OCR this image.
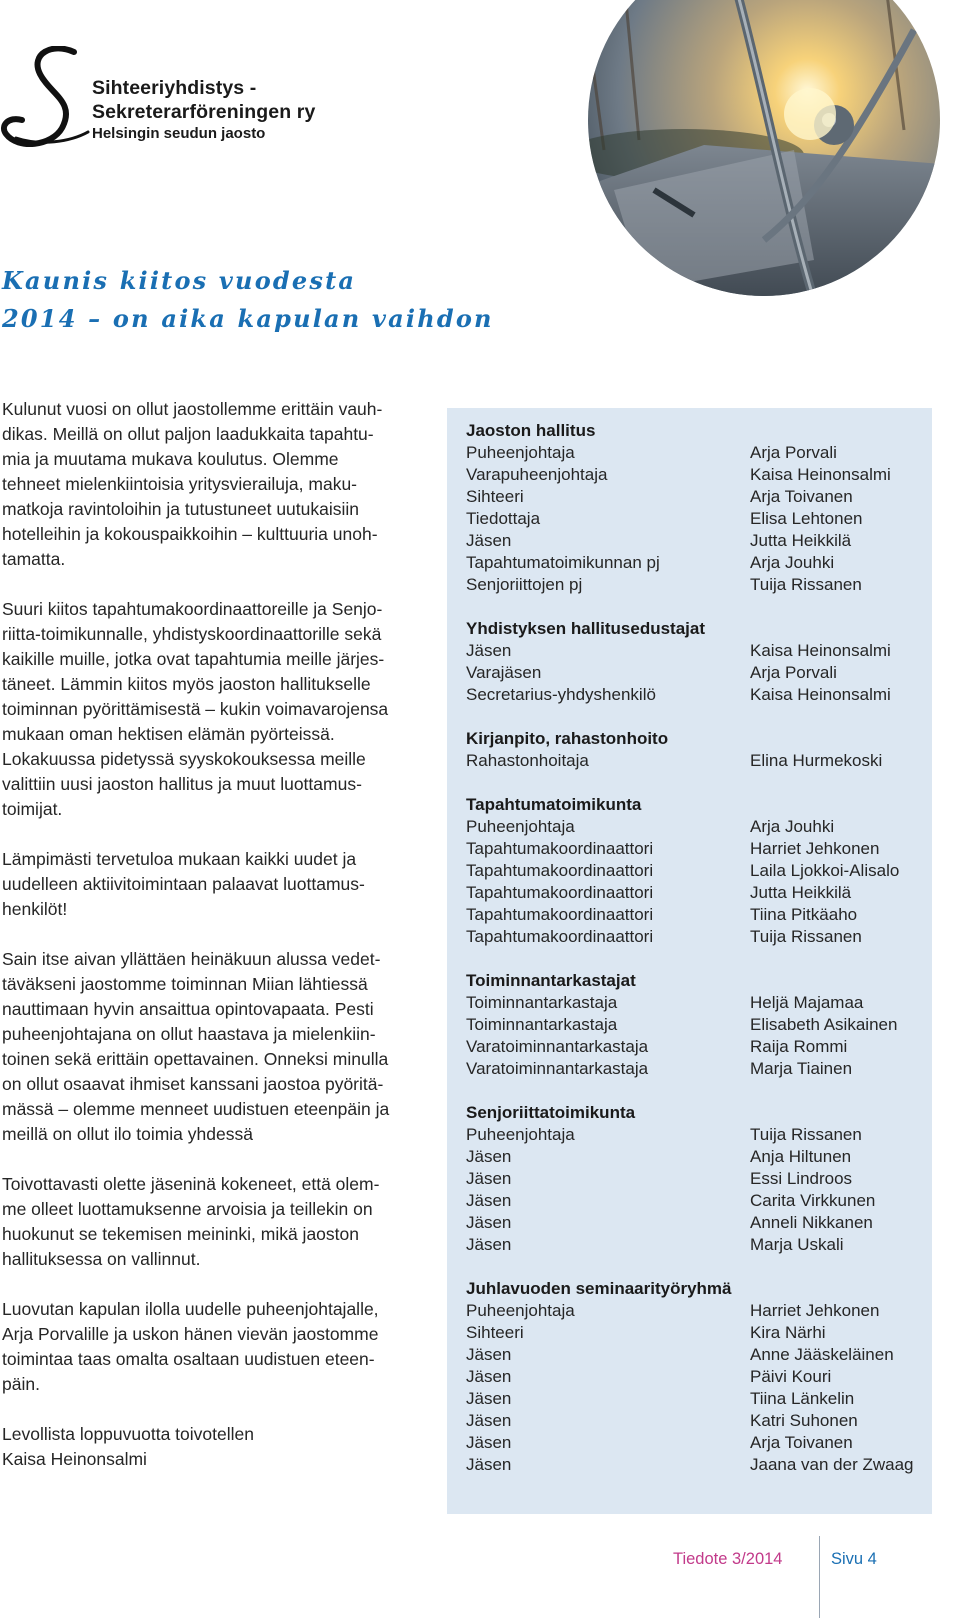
Sihteeriyhdistys -
Sekreterarföreningen ry
Helsingin seudun jaosto
Kaunis kiitos vuodesta
2014 – on aika kapulan vaihdon

Kulunut vuosi on ollut jaostollemme erittäin vauh-
dikas. Meillä on ollut paljon laadukkaita tapahtu-
mia ja muutama mukava koulutus. Olemme
tehneet mielenkiintoisia yritysvierailuja, maku-
matkoja ravintoloihin ja tutustuneet uutukaisiin
hotelleihin ja kokouspaikkoihin – kulttuuria unoh-
tamatta.

Suuri kiitos tapahtumakoordinaattoreille ja Senjo-
riitta-toimikunnalle, yhdistyskoordinaattorille sekä
kaikille muille, jotka ovat tapahtumia meille järjes-
täneet. Lämmin kiitos myös jaoston hallitukselle
toiminnan pyörittämisestä – kukin voimavarojensa
mukaan oman hektisen elämän pyörteissä.
Lokakuussa pidetyssä syyskokouksessa meille
valittiin uusi jaoston hallitus ja muut luottamus-
toimijat.

Lämpimästi tervetuloa mukaan kaikki uudet ja
uudelleen aktiivitoimintaan palaavat luottamus-
henkilöt!

Sain itse aivan yllättäen heinäkuun alussa vedet-
täväkseni jaostomme toiminnan Miian lähtiessä
nauttimaan hyvin ansaittua opintovapaata. Pesti
puheenjohtajana on ollut haastava ja mielenkiin-
toinen sekä erittäin opettavainen. Onneksi minulla
on ollut osaavat ihmiset kanssani jaostoa pyöritä-
mässä – olemme menneet uudistuen eteenpäin ja
meillä on ollut ilo toimia yhdessä

Toivottavasti olette jäseninä kokeneet, että olem-
me olleet luottamuksenne arvoisia ja teillekin on
huokunut se tekemisen meininki, mikä jaoston
hallituksessa on vallinnut.

Luovutan kapulan ilolla uudelle puheenjohtajalle,
Arja Porvalille ja uskon hänen vievän jaostomme
toimintaa taas omalta osaltaan uudistuen eteen-
päin.

Levollista loppuvuotta toivotellen
Kaisa Heinonsalmi

Jaoston hallitus
Puheenjohtaja	Arja Porvali
Varapuheenjohtaja	Kaisa Heinonsalmi
Sihteeri	Arja Toivanen
Tiedottaja	Elisa Lehtonen
Jäsen	Jutta Heikkilä
Tapahtumatoimikunnan pj	Arja Jouhki
Senjoriittojen pj	Tuija Rissanen
Yhdistyksen hallitusedustajat
Jäsen	Kaisa Heinonsalmi
Varajäsen	Arja Porvali
Secretarius-yhdyshenkilö	Kaisa Heinonsalmi
Kirjanpito, rahastonhoito
Rahastonhoitaja	Elina Hurmekoski
Tapahtumatoimikunta
Puheenjohtaja	Arja Jouhki
Tapahtumakoordinaattori	Harriet Jehkonen
Tapahtumakoordinaattori	Laila Ljokkoi-Alisalo
Tapahtumakoordinaattori	Jutta Heikkilä
Tapahtumakoordinaattori	Tiina Pitkäaho
Tapahtumakoordinaattori	Tuija Rissanen
Toiminnantarkastajat
Toiminnantarkastaja	Heljä Majamaa
Toiminnantarkastaja	Elisabeth Asikainen
Varatoiminnantarkastaja	Raija Rommi
Varatoiminnantarkastaja	Marja Tiainen
Senjoriittatoimikunta
Puheenjohtaja	Tuija Rissanen
Jäsen	Anja Hiltunen
Jäsen	Essi Lindroos
Jäsen	Carita Virkkunen
Jäsen	Anneli Nikkanen
Jäsen	Marja Uskali
Juhlavuoden seminaarityöryhmä
Puheenjohtaja	Harriet Jehkonen
Sihteeri	Kira Närhi
Jäsen	Anne Jääskeläinen
Jäsen	Päivi Kouri
Jäsen	Tiina Länkelin
Jäsen	Katri Suhonen
Jäsen	Arja Toivanen
Jäsen	Jaana van der Zwaag
Tiedote 3/2014	Sivu 4
